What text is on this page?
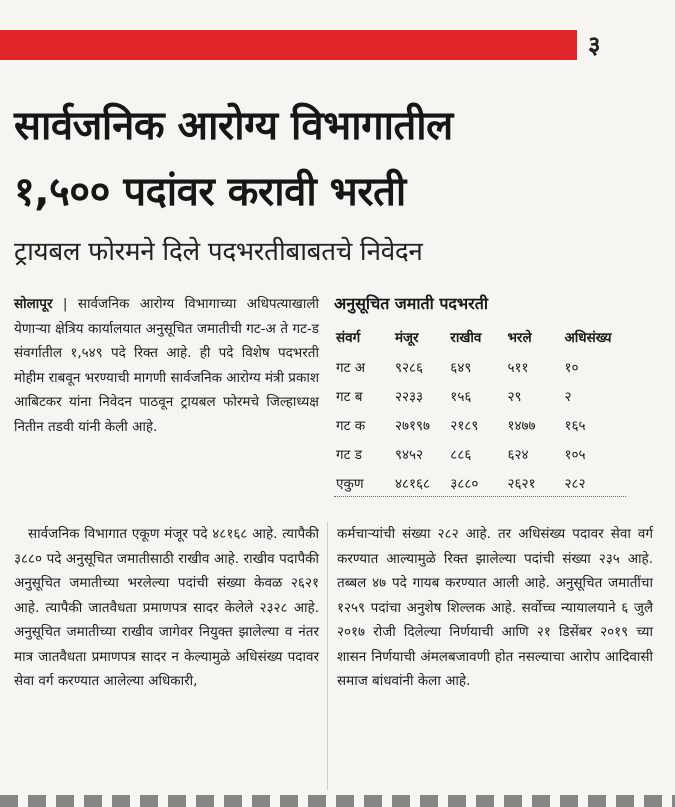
३
सार्वजनिक आरोग्य विभागातील
१,५०० पदांवर करावी भरती
ट्रायबल फोरमने दिले पदभरतीबाबतचे निवेदन
सोलापूर | सार्वजनिक आरोग्य विभागाच्या अधिपत्याखाली येणाऱ्या क्षेत्रिय कार्यालयात अनुसूचित जमातीची गट-अ ते गट-ड संवर्गातील १,५४९ पदे रिक्त आहे. ही पदे विशेष पदभरती मोहीम राबवून भरण्याची मागणी सार्वजनिक आरोग्य मंत्री प्रकाश आबिटकर यांना निवेदन पाठवून ट्रायबल फोरमचे जिल्हाध्यक्ष नितीन तडवी यांनी केली आहे.
अनुसूचित जमाती पदभरती
संवर्ग	मंजूर	राखीव	भरले	अधिसंख्य
गट अ	९२८६	६४९	५११	१०
गट ब	२२३३	१५६	२९	२
गट क	२७१९७	२१८९	१४७७	१६५
गट ड	९४५२	८८६	६२४	१०५
एकुण	४८१६८	३८८०	२६२१	२८२
सार्वजनिक विभागात एकूण मंजूर पदे ४८१६८ आहे. त्यापैकी ३८८० पदे अनुसूचित जमातीसाठी राखीव आहे. राखीव पदापैकी अनुसूचित जमातीच्या भरलेल्या पदांची संख्या केवळ २६२१ आहे. त्यापैकी जातवैधता प्रमाणपत्र सादर केलेले २३२८ आहे. अनुसूचित जमातीच्या राखीव जागेवर नियुक्त झालेल्या व नंतर मात्र जातवैधता प्रमाणपत्र सादर न केल्यामुळे अधिसंख्य पदावर सेवा वर्ग करण्यात आलेल्या अधिकारी,
कर्मचाऱ्यांची संख्या २८२ आहे. तर अधिसंख्य पदावर सेवा वर्ग करण्यात आल्यामुळे रिक्त झालेल्या पदांची संख्या २३५ आहे. तब्बल ४७ पदे गायब करण्यात आली आहे. अनुसूचित जमातींचा १२५९ पदांचा अनुशेष शिल्लक आहे. सर्वोच्च न्यायालयाने ६ जुलै २०१७ रोजी दिलेल्या निर्णयाची आणि २१ डिसेंबर २०१९ च्या शासन निर्णयाची अंमलबजावणी होत नसल्याचा आरोप आदिवासी समाज बांधवांनी केला आहे.
